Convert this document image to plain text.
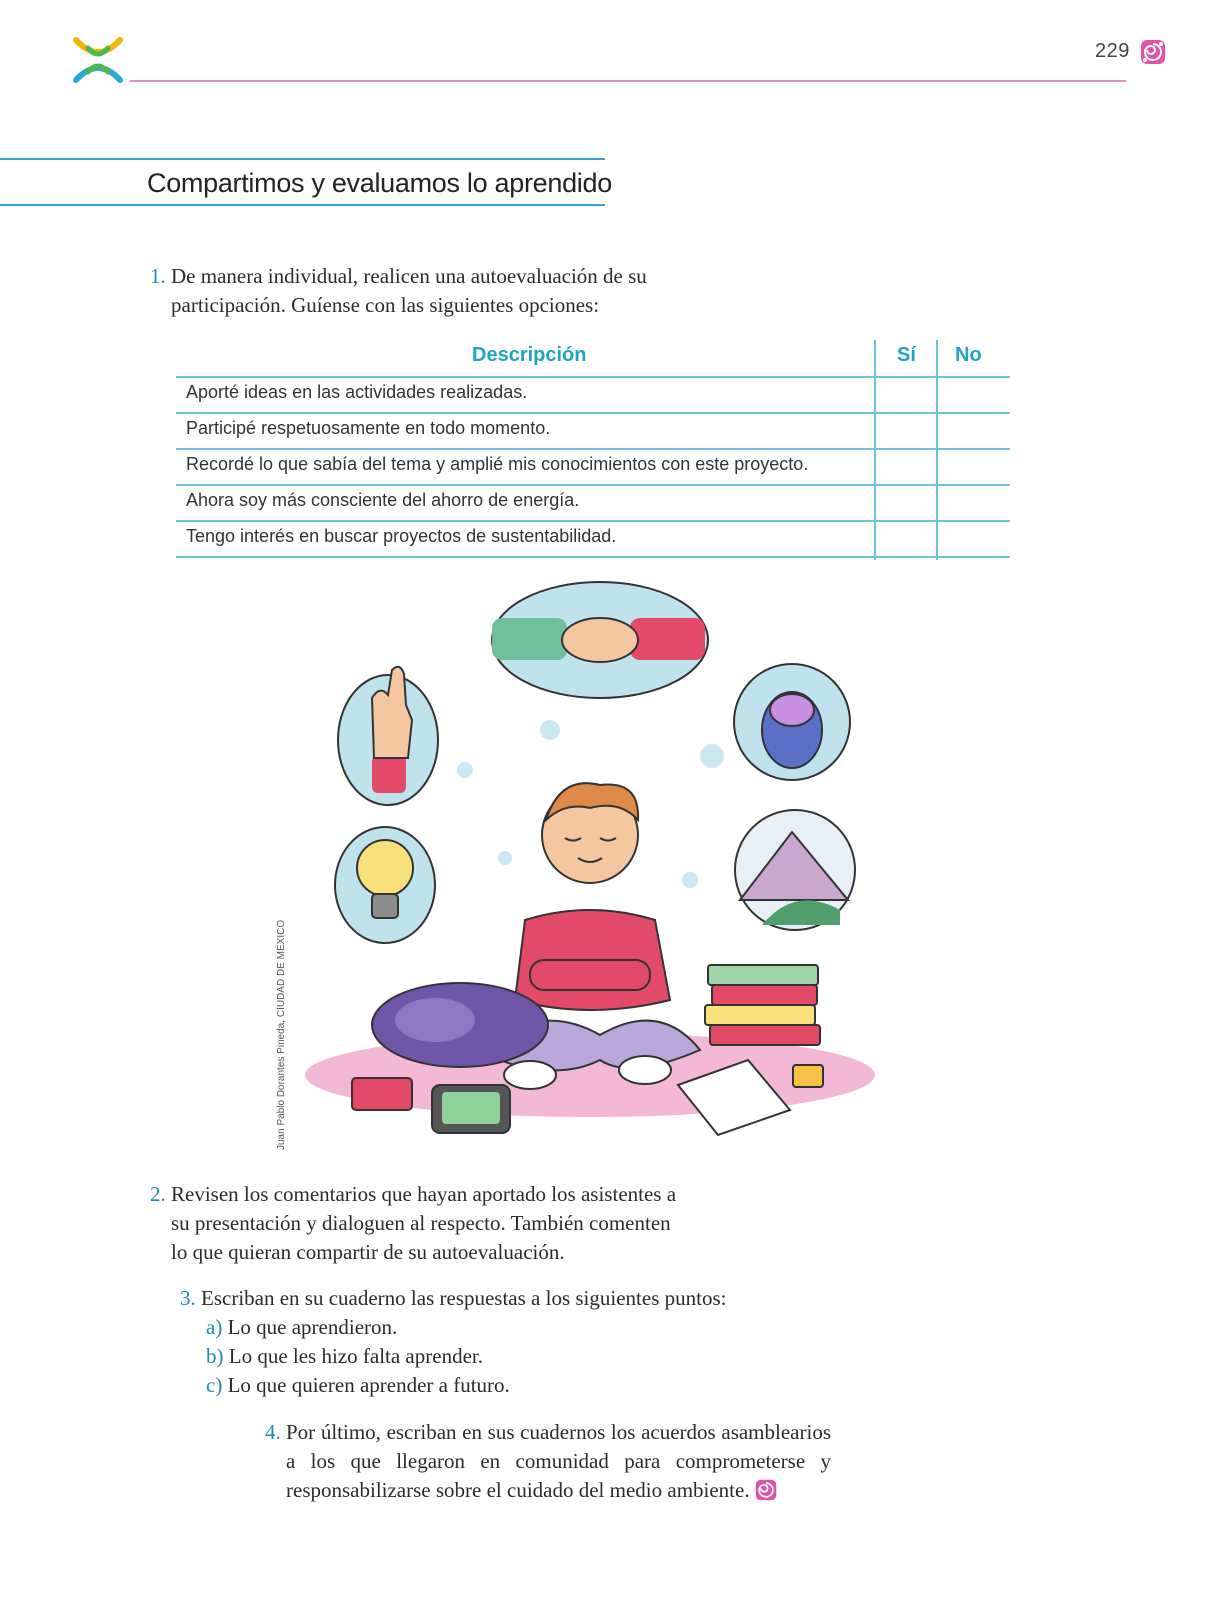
229
Compartimos y evaluamos lo aprendido
1. De manera individual, realicen una autoevaluación de su participación. Guíense con las siguientes opciones:
Descripción	Sí No
Aporté ideas en las actividades realizadas.
Participé respetuosamente en todo momento.
Recordé lo que sabía del tema y amplié mis conocimientos con este proyecto.
Ahora soy más consciente del ahorro de energía.
Tengo interés en buscar proyectos de sustentabilidad.
Juan Pablo Dorantes Pineda, CIUDAD DE MÉXICO
2. Revisen los comentarios que hayan aportado los asistentes a su presentación y dialoguen al respecto. También comenten lo que quieran compartir de su autoevaluación.
3. Escriban en su cuaderno las respuestas a los siguientes puntos:
a) Lo que aprendieron.
b) Lo que les hizo falta aprender.
c) Lo que quieren aprender a futuro.
4. Por último, escriban en sus cuadernos los acuerdos asamblearios a los que llegaron en comunidad para comprometerse y responsabilizarse sobre el cuidado del medio ambiente.
